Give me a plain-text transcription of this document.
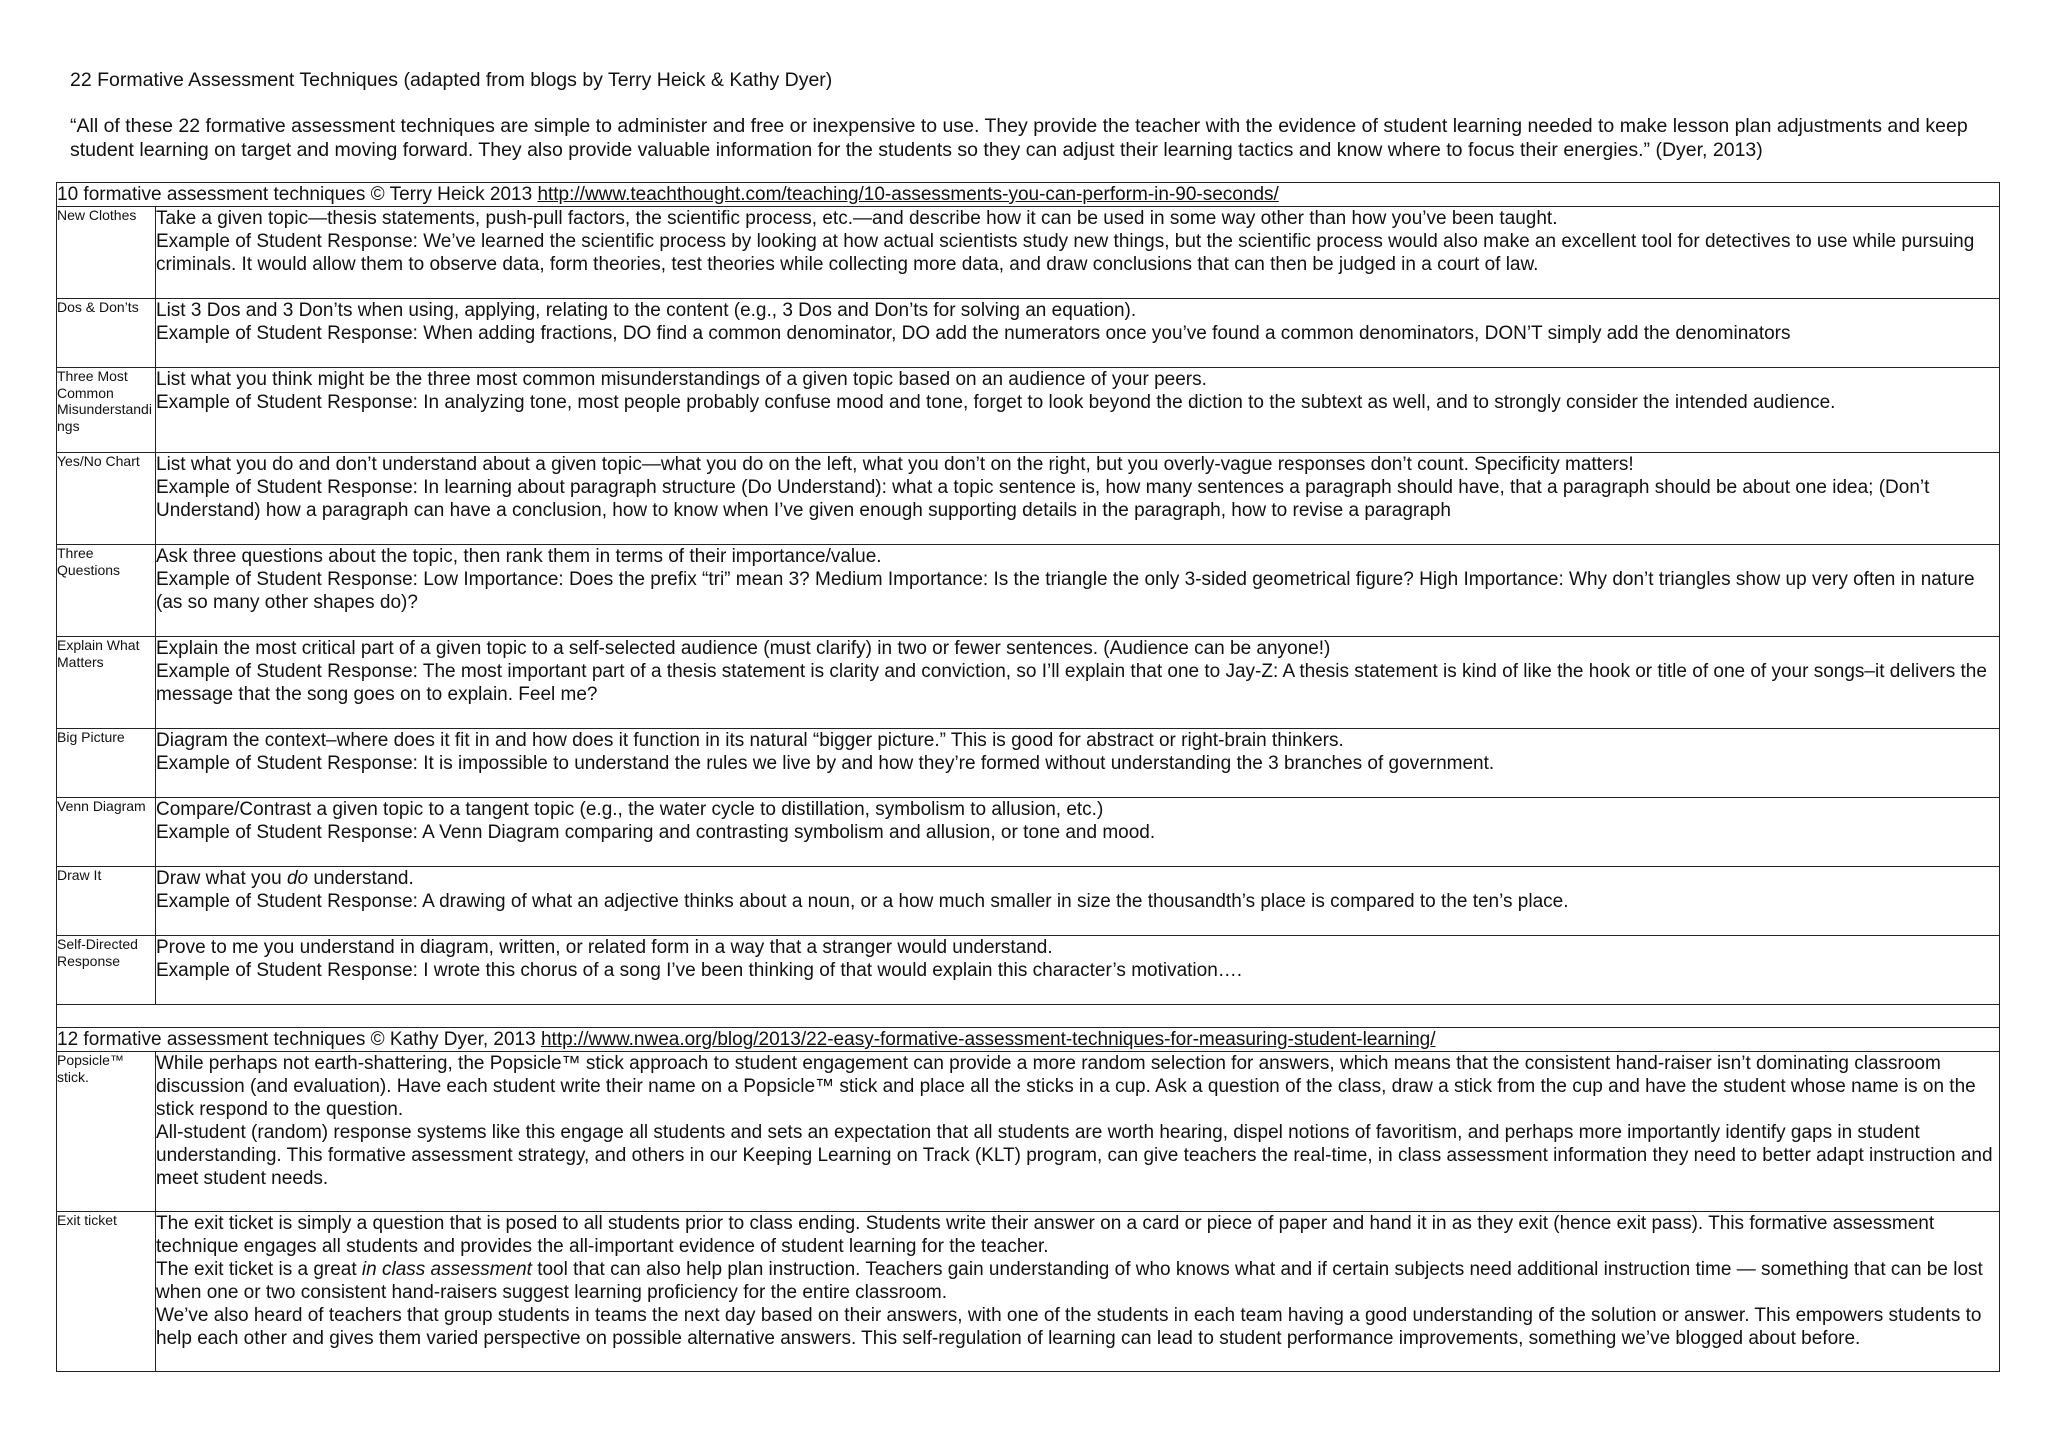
22 Formative Assessment Techniques (adapted from blogs by Terry Heick & Kathy Dyer)
“All of these 22 formative assessment techniques are simple to administer and free or inexpensive to use. They provide the teacher with the evidence of student learning needed to make lesson plan adjustments and keep student learning on target and moving forward. They also provide valuable information for the students so they can adjust their learning tactics and know where to focus their energies.” (Dyer, 2013)
10 formative assessment techniques © Terry Heick 2013 http://www.teachthought.com/teaching/10-assessments-you-can-perform-in-90-seconds/	
New Clothes	Take a given topic—thesis statements, push-pull factors, the scientific process, etc.—and describe how it can be used in some way other than how you’ve been taught.

Example of Student Response: We’ve learned the scientific process by looking at how actual scientists study new things, but the scientific process would also make an excellent tool for detectives to use while pursuing criminals. It would allow them to observe data, form theories, test theories while collecting more data, and draw conclusions that can then be judged in a court of law.

Dos & Don’ts	List 3 Dos and 3 Don’ts when using, applying, relating to the content (e.g., 3 Dos and Don’ts for solving an equation).

Example of Student Response: When adding fractions, DO find a common denominator, DO add the numerators once you’ve found a common denominators, DON’T simply add the denominators

Three Most Common Misunderstandings	List what you think might be the three most common misunderstandings of a given topic based on an audience of your peers.

Example of Student Response: In analyzing tone, most people probably confuse mood and tone, forget to look beyond the diction to the subtext as well, and to strongly consider the intended audience.

Yes/No Chart	List what you do and don’t understand about a given topic—what you do on the left, what you don’t on the right, but you overly-vague responses don’t count. Specificity matters!

Example of Student Response: In learning about paragraph structure (Do Understand): what a topic sentence is, how many sentences a paragraph should have, that a paragraph should be about one idea; (Don’t Understand) how a paragraph can have a conclusion, how to know when I’ve given enough supporting details in the paragraph, how to revise a paragraph

Three Questions	Ask three questions about the topic, then rank them in terms of their importance/value.

Example of Student Response: Low Importance: Does the prefix “tri” mean 3? Medium Importance: Is the triangle the only 3-sided geometrical figure? High Importance: Why don’t triangles show up very often in nature (as so many other shapes do)?

Explain What Matters	Explain the most critical part of a given topic to a self-selected audience (must clarify) in two or fewer sentences. (Audience can be anyone!)

Example of Student Response: The most important part of a thesis statement is clarity and conviction, so I’ll explain that one to Jay-Z: A thesis statement is kind of like the hook or title of one of your songs–it delivers the message that the song goes on to explain. Feel me?

Big Picture	Diagram the context–where does it fit in and how does it function in its natural “bigger picture.” This is good for abstract or right-brain thinkers.

Example of Student Response: It is impossible to understand the rules we live by and how they’re formed without understanding the 3 branches of government.

Venn Diagram	Compare/Contrast a given topic to a tangent topic (e.g., the water cycle to distillation, symbolism to allusion, etc.)

Example of Student Response: A Venn Diagram comparing and contrasting symbolism and allusion, or tone and mood.

Draw It	Draw what you do understand.

Example of Student Response: A drawing of what an adjective thinks about a noun, or a how much smaller in size the thousandth’s place is compared to the ten’s place.

Self-Directed Response	Prove to me you understand in diagram, written, or related form in a way that a stranger would understand.

Example of Student Response: I wrote this chorus of a song I’ve been thinking of that would explain this character’s motivation….

12 formative assessment techniques © Kathy Dyer, 2013 http://www.nwea.org/blog/2013/22-easy-formative-assessment-techniques-for-measuring-student-learning/	
Popsicle™ stick.	While perhaps not earth-shattering, the Popsicle™ stick approach to student engagement can provide a more random selection for answers, which means that the consistent hand-raiser isn’t dominating classroom discussion (and evaluation). Have each student write their name on a Popsicle™ stick and place all the sticks in a cup. Ask a question of the class, draw a stick from the cup and have the student whose name is on the stick respond to the question.

All-student (random) response systems like this engage all students and sets an expectation that all students are worth hearing, dispel notions of favoritism, and perhaps more importantly identify gaps in student understanding. This formative assessment strategy, and others in our Keeping Learning on Track (KLT) program, can give teachers the real-time, in class assessment information they need to better adapt instruction and meet student needs.

Exit ticket	The exit ticket is simply a question that is posed to all students prior to class ending. Students write their answer on a card or piece of paper and hand it in as they exit (hence exit pass). This formative assessment technique engages all students and provides the all-important evidence of student learning for the teacher.

The exit ticket is a great in class assessment tool that can also help plan instruction. Teachers gain understanding of who knows what and if certain subjects need additional instruction time — something that can be lost when one or two consistent hand-raisers suggest learning proficiency for the entire classroom.

We’ve also heard of teachers that group students in teams the next day based on their answers, with one of the students in each team having a good understanding of the solution or answer. This empowers students to help each other and gives them varied perspective on possible alternative answers. This self-regulation of learning can lead to student performance improvements, something we’ve blogged about before.
